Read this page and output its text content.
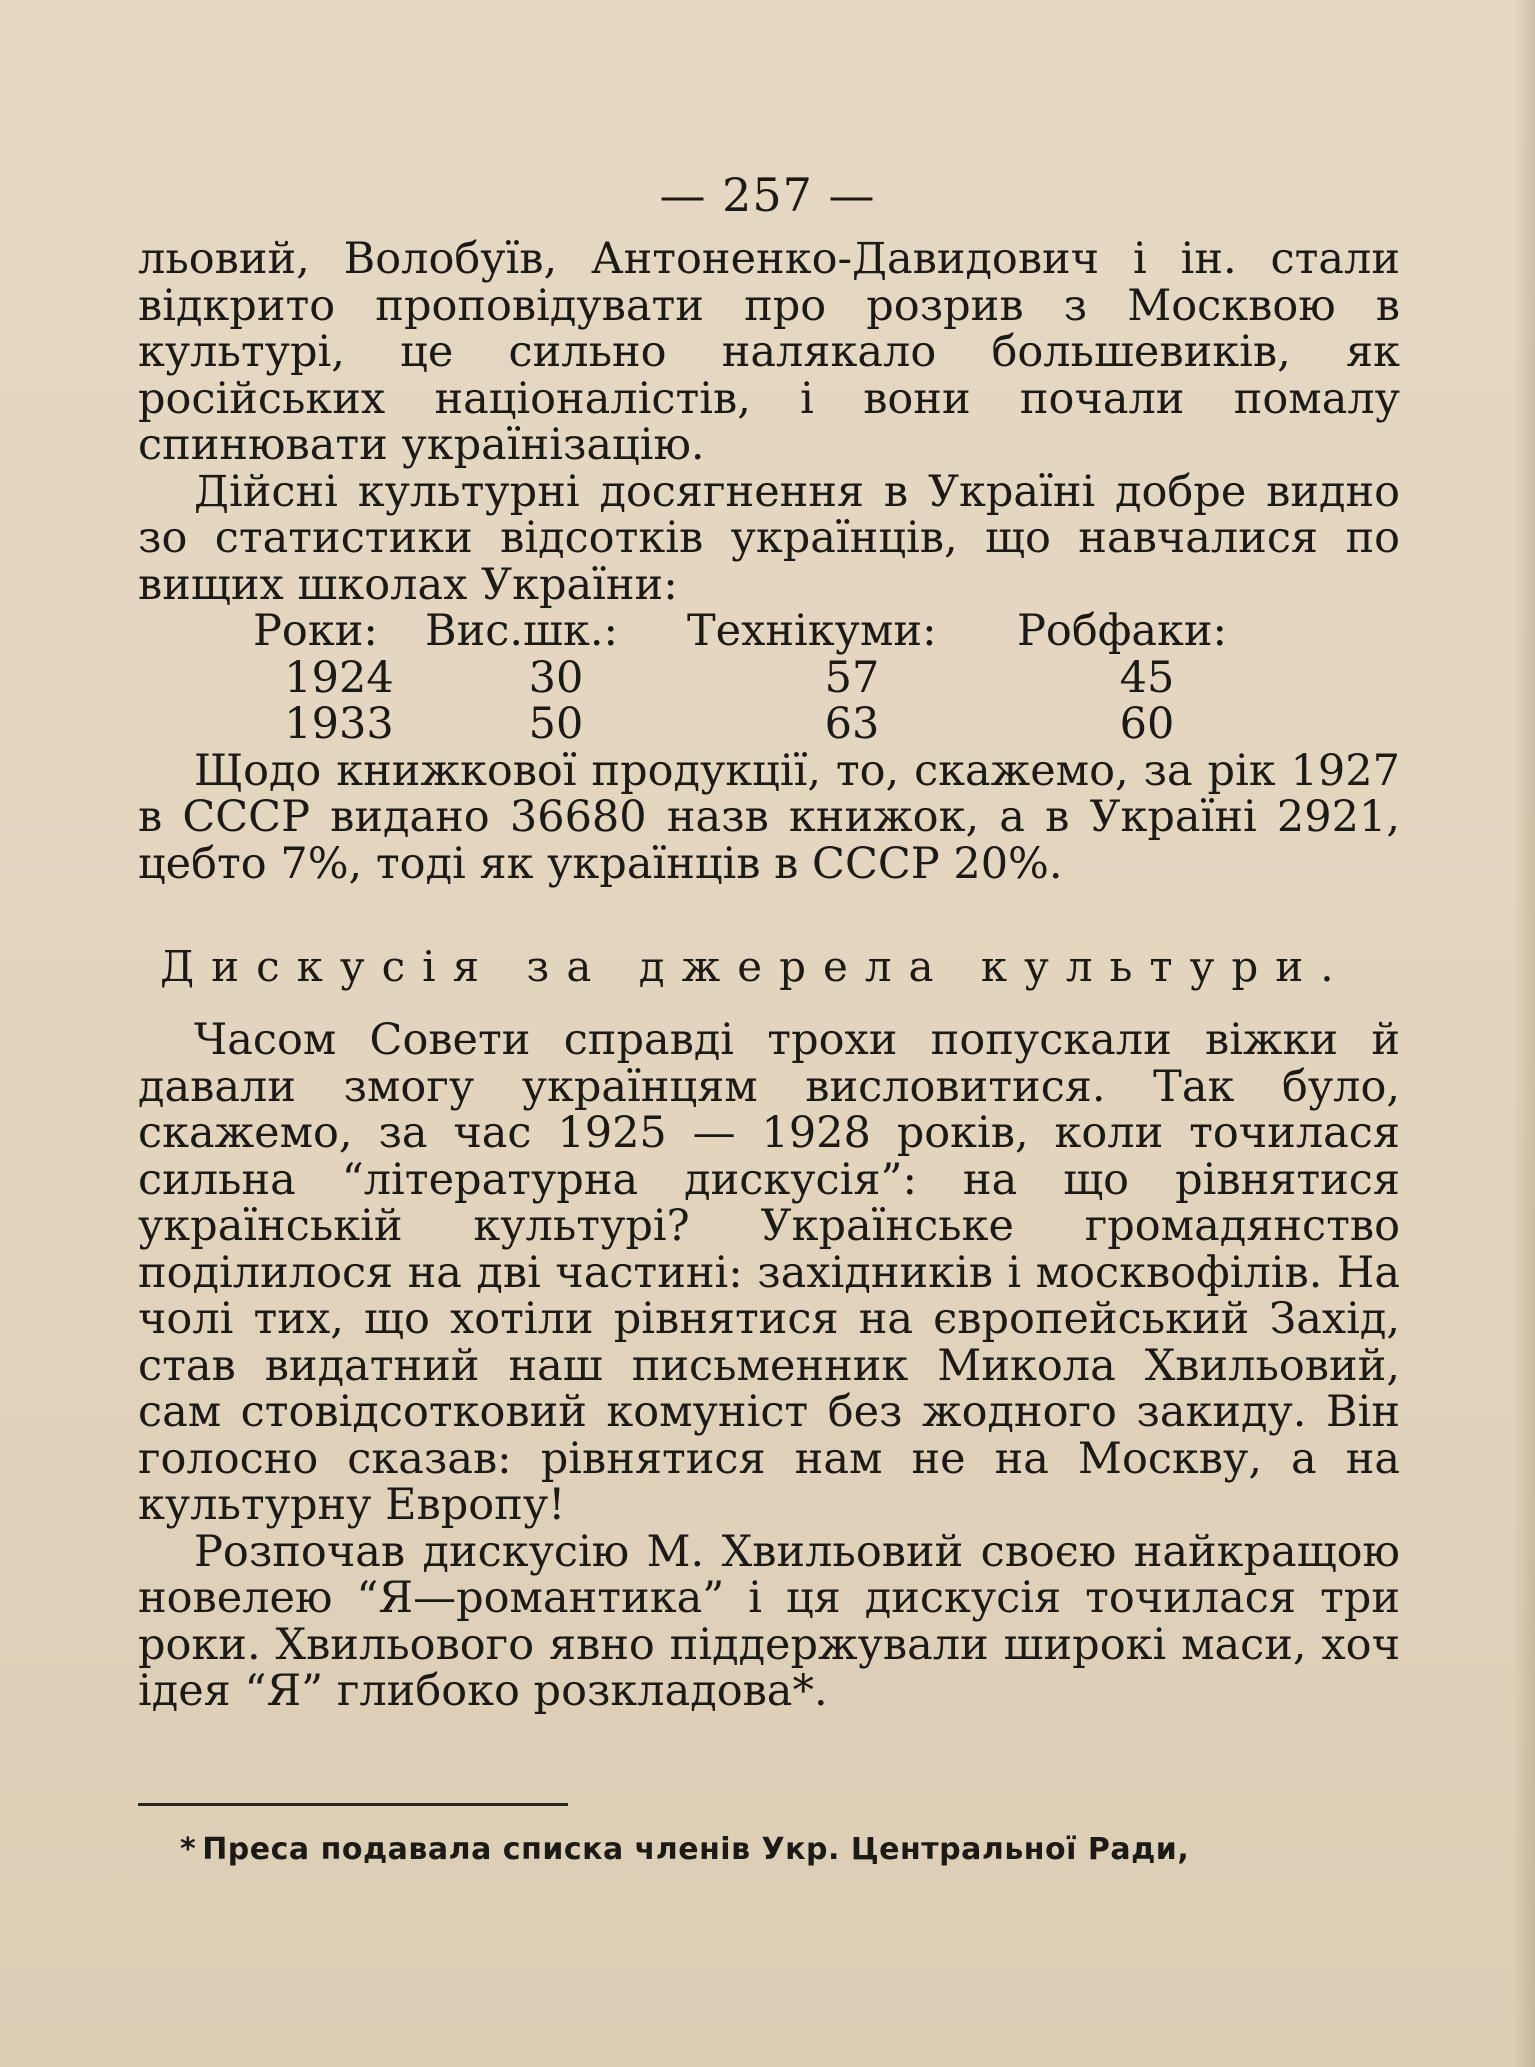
— 257 —

льовий, Волобуїв, Антоненко-Давидович і ін. стали відкрито проповідувати про розрив з Москвою в культурі, це сильно налякало большевиків, як російських націоналістів, і вони почали помалу спинювати українізацію.

Дійсні культурні досягнення в Україні добре видно зо статистики відсотків українців, що навчалися по вищих школах України:

Роки:	Вис.шк.:	Технікуми:	Робфаки:
1924	30	57	45
1933	50	63	60

Щодо книжкової продукції, то, скажемо, за рік 1927 в СССР видано 36680 назв книжок, а в Україні 2921, цебто 7%, тоді як українців в СССР 20%.

Дискусія за джерела культури.

Часом Совети справді трохи попускали віжки й давали змогу українцям висловитися. Так було, скажемо, за час 1925 — 1928 років, коли точилася сильна “літературна дискусія”: на що рівнятися українській культурі? Українське громадянство поділилося на дві частині: західників і москвофілів. На чолі тих, що хотіли рівнятися на європейський Захід, став видатний наш письменник Микола Хвильовий, сам стовідсотковий комуніст без жодного закиду. Він голосно сказав: рівнятися нам не на Москву, а на культурну Европу!

Розпочав дискусію М. Хвильовий своєю найкращою новелею “Я—романтика” і ця дискусія точилася три роки. Хвильового явно піддержували широкі маси, хоч ідея “Я” глибоко розкладова*.

* Преса подавала списка членів Укр. Центральної Ради,
